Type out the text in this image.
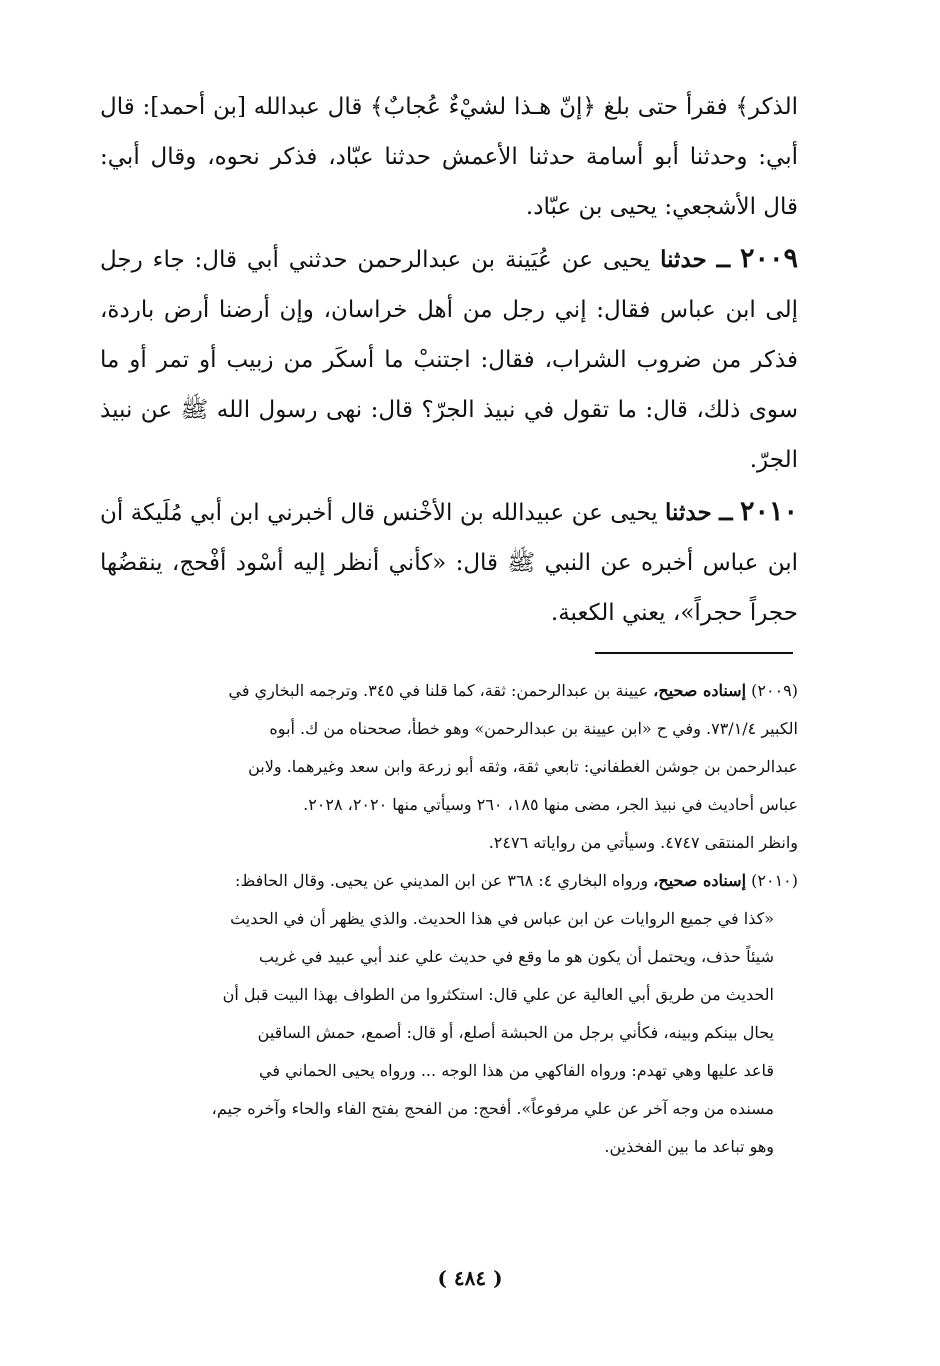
الذكر﴾ فقرأ حتى بلغ ﴿إنّ هـذا لشيْءٌ عُجابٌ﴾ قال عبدالله [بن أحمد]: قال أبي: وحدثنا أبو أسامة حدثنا الأعمش حدثنا عبّاد، فذكر نحوه، وقال أبي: قال الأشجعي: يحيى بن عبّاد.

٢٠٠٩ ــ حدثنا يحيى عن عُيَينة بن عبدالرحمن حدثني أبي قال: جاء رجل إلى ابن عباس فقال: إني رجل من أهل خراسان، وإن أرضنا أرض باردة، فذكر من ضروب الشراب، فقال: اجتنبْ ما أسكَر من زبيب أو تمر أو ما سوى ذلك، قال: ما تقول في نبيذ الجرّ؟ قال: نهى رسول الله ﷺ عن نبيذ الجرّ.

٢٠١٠ ــ حدثنا يحيى عن عبيدالله بن الأخْنس قال أخبرني ابن أبي مُلَيكة أن ابن عباس أخبره عن النبي ﷺ قال: «كأني أنظر إليه أسْود أفْحج، ينقضُها حجراً حجراً»، يعني الكعبة.

(٢٠٠٩) إسناده صحيح، عيينة بن عبدالرحمن: ثقة، كما قلنا في ٣٤٥. وترجمه البخاري في

الكبير ٧٣/١/٤. وفي ح «ابن عيينة بن عبدالرحمن» وهو خطأ، صححناه من ك. أبوه

عبدالرحمن بن جوشن الغطفاني: تابعي ثقة، وثقه أبو زرعة وابن سعد وغيرهما. ولابن

عباس أحاديث في نبيذ الجر، مضى منها ١٨٥، ٢٦٠ وسيأتي منها ٢٠٢٠، ٢٠٢٨.

وانظر المنتقى ٤٧٤٧. وسيأتي من رواياته ٢٤٧٦.

(٢٠١٠) إسناده صحيح، ورواه البخاري ٤: ٣٦٨ عن ابن المديني عن يحيى. وقال الحافظ:

«كذا في جميع الروايات عن ابن عباس في هذا الحديث. والذي يظهر أن في الحديث

شيئاً حذف، ويحتمل أن يكون هو ما وقع في حديث علي عند أبي عبيد في غريب

الحديث من طريق أبي العالية عن علي قال: استكثروا من الطواف بهذا البيت قبل أن

يحال بينكم وبينه، فكأني برجل من الحبشة أصلع، أو قال: أصمع، حمش الساقين

قاعد عليها وهي تهدم: ورواه الفاكهي من هذا الوجه ... ورواه يحيى الحماني في

مسنده من وجه آخر عن علي مرفوعاً». أفحج: من الفحج بفتح الفاء والحاء وآخره جيم،

وهو تباعد ما بين الفخذين.

( ٤٨٤ )
